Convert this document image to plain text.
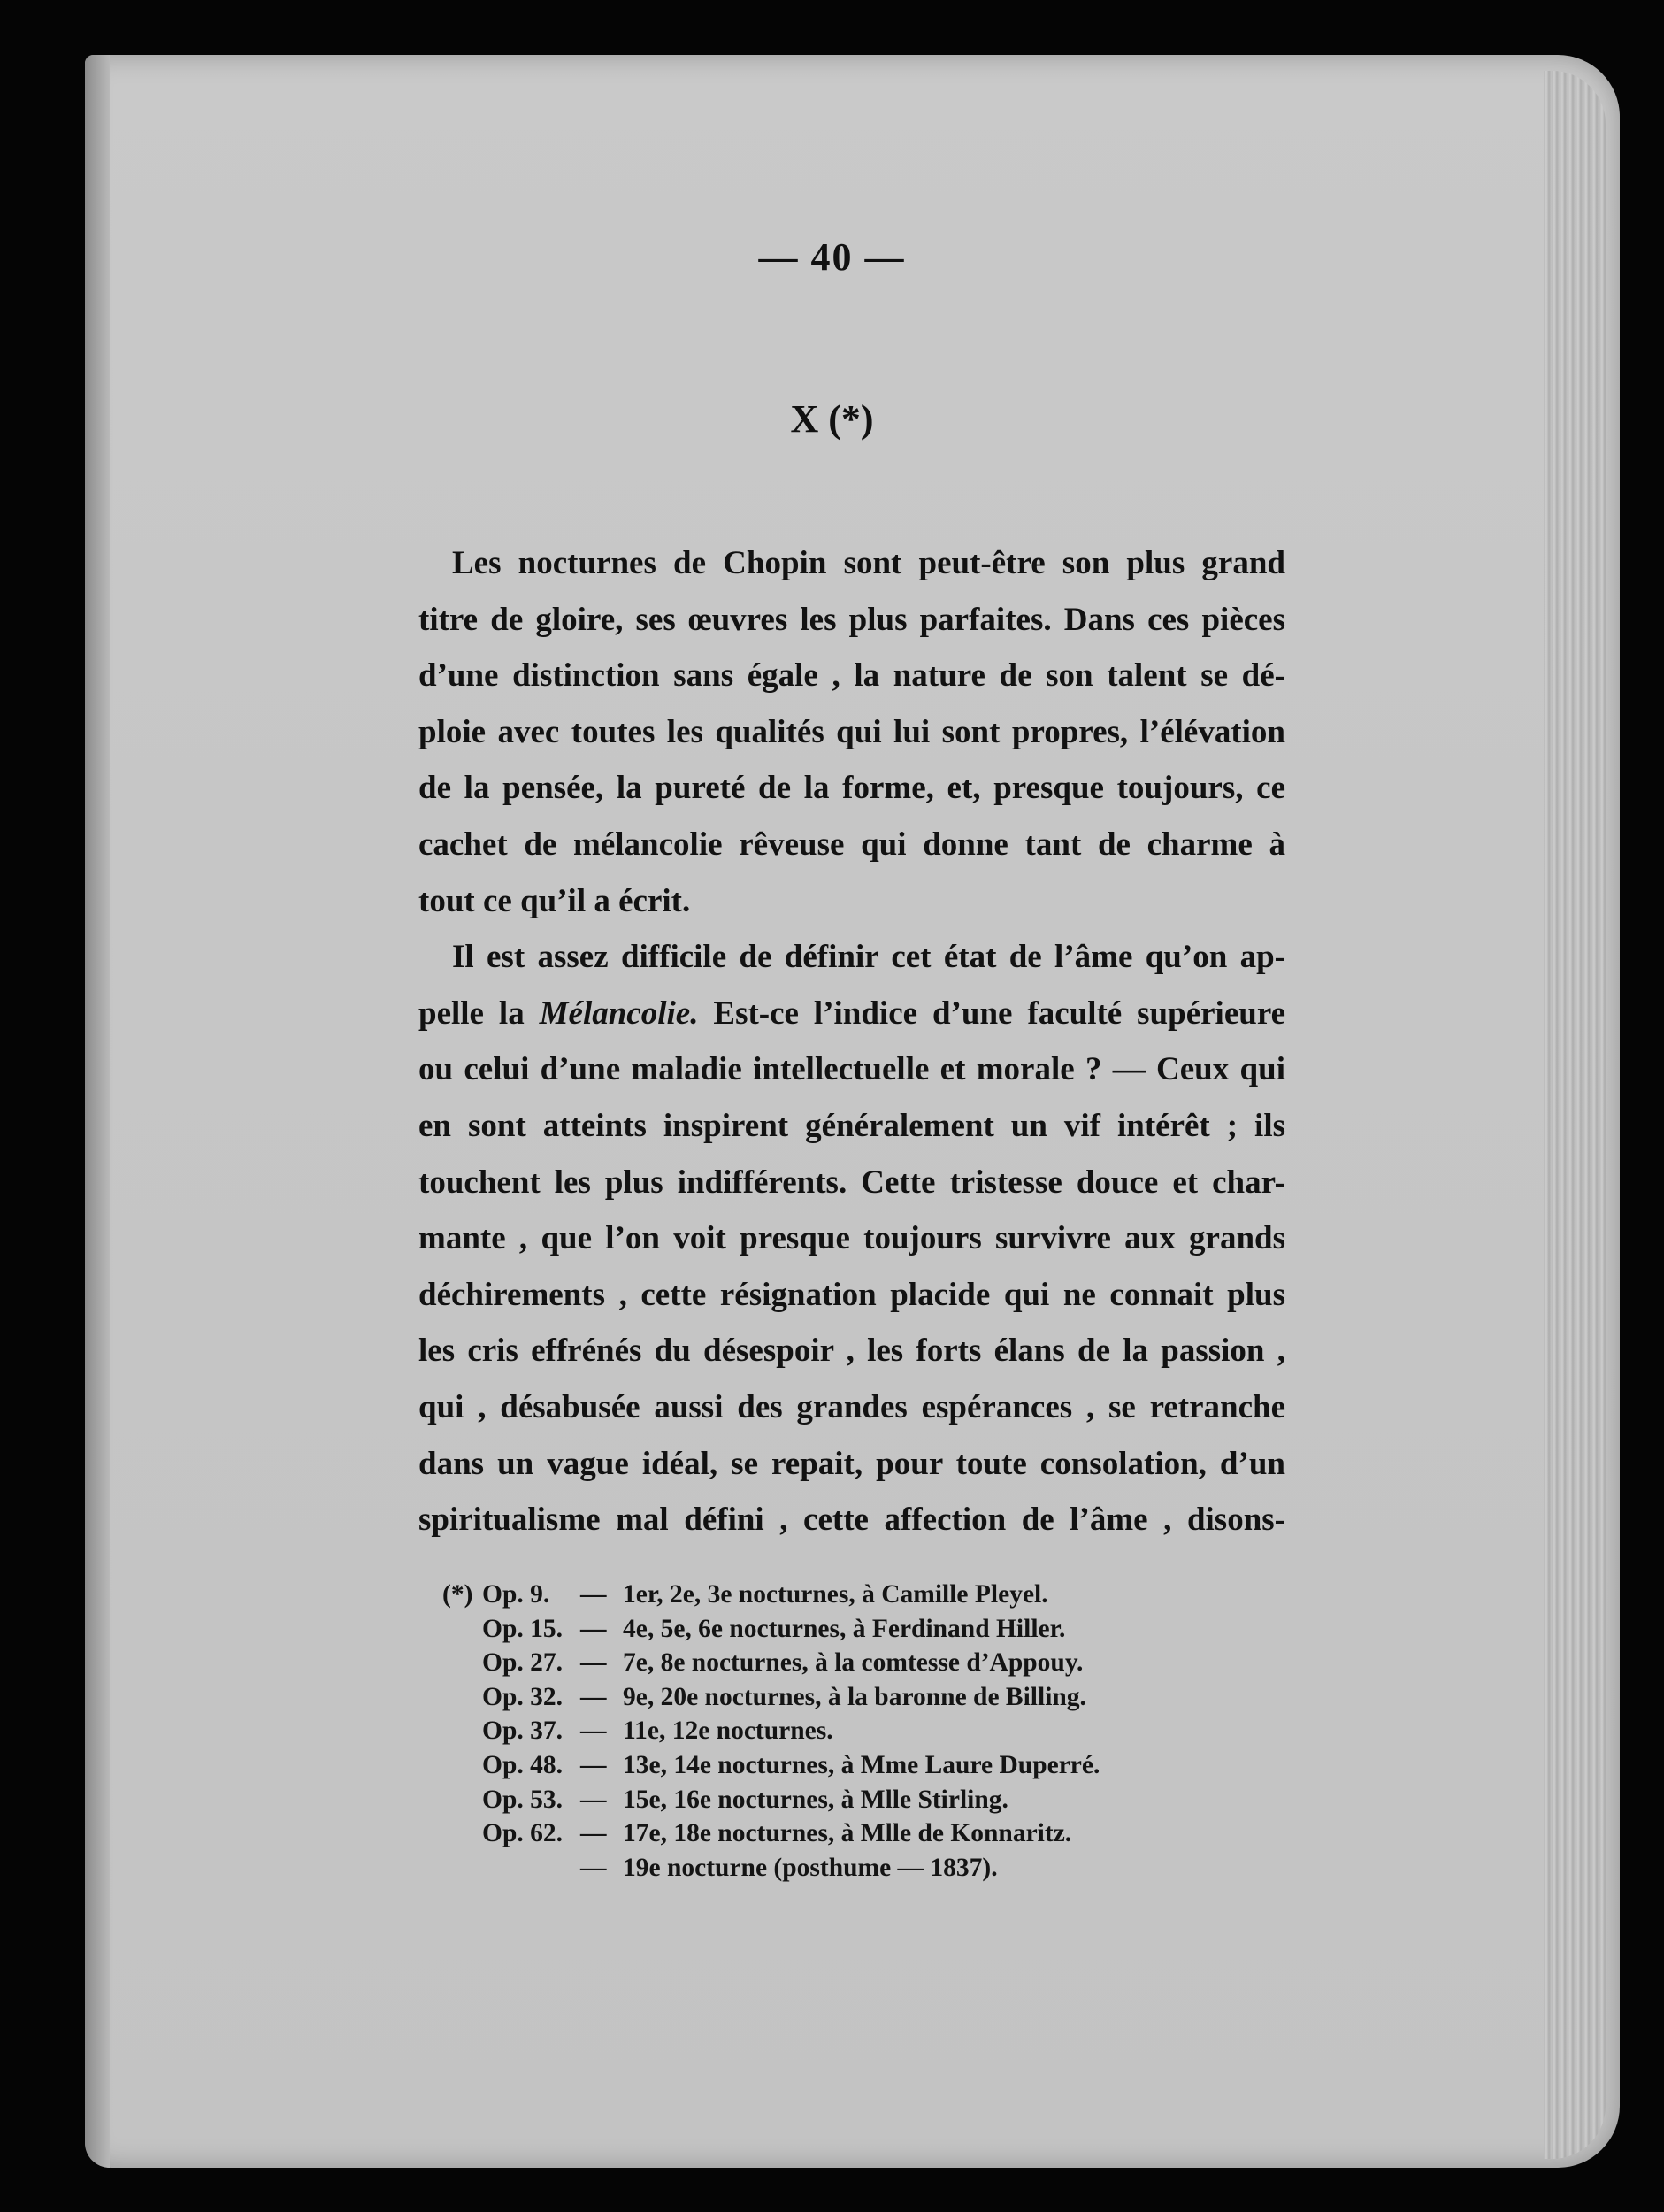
— 40 —
X (*)
Les nocturnes de Chopin sont peut-être son plus grand
titre de gloire, ses œuvres les plus parfaites. Dans ces pièces
d’une distinction sans égale , la nature de son talent se dé-
ploie avec toutes les qualités qui lui sont propres, l’élévation
de la pensée, la pureté de la forme, et, presque toujours, ce
cachet de mélancolie rêveuse qui donne tant de charme à
tout ce qu’il a écrit.
Il est assez difficile de définir cet état de l’âme qu’on ap-
pelle la Mélancolie. Est-ce l’indice d’une faculté supérieure
ou celui d’une maladie intellectuelle et morale ? — Ceux qui
en sont atteints inspirent généralement un vif intérêt ; ils
touchent les plus indifférents. Cette tristesse douce et char-
mante , que l’on voit presque toujours survivre aux grands
déchirements , cette résignation placide qui ne connait plus
les cris effrénés du désespoir , les forts élans de la passion ,
qui , désabusée aussi des grandes espérances , se retranche
dans un vague idéal, se repait, pour toute consolation, d’un
spiritualisme mal défini , cette affection de l’âme , disons-
(*) Op. 9.	— 1er, 2e, 3e nocturnes, à Camille Pleyel.
Op. 15. — 4e, 5e, 6e nocturnes, à Ferdinand Hiller.
Op. 27. — 7e, 8e nocturnes, à la comtesse d’Appouy.
Op. 32. — 9e, 20e nocturnes, à la baronne de Billing.
Op. 37. — 11e, 12e nocturnes.
Op. 48. — 13e, 14e nocturnes, à Mme Laure Duperré.
Op. 53. — 15e, 16e nocturnes, à Mlle Stirling.
Op. 62. — 17e, 18e nocturnes, à Mlle de Konnaritz.
— 19e nocturne (posthume — 1837).
